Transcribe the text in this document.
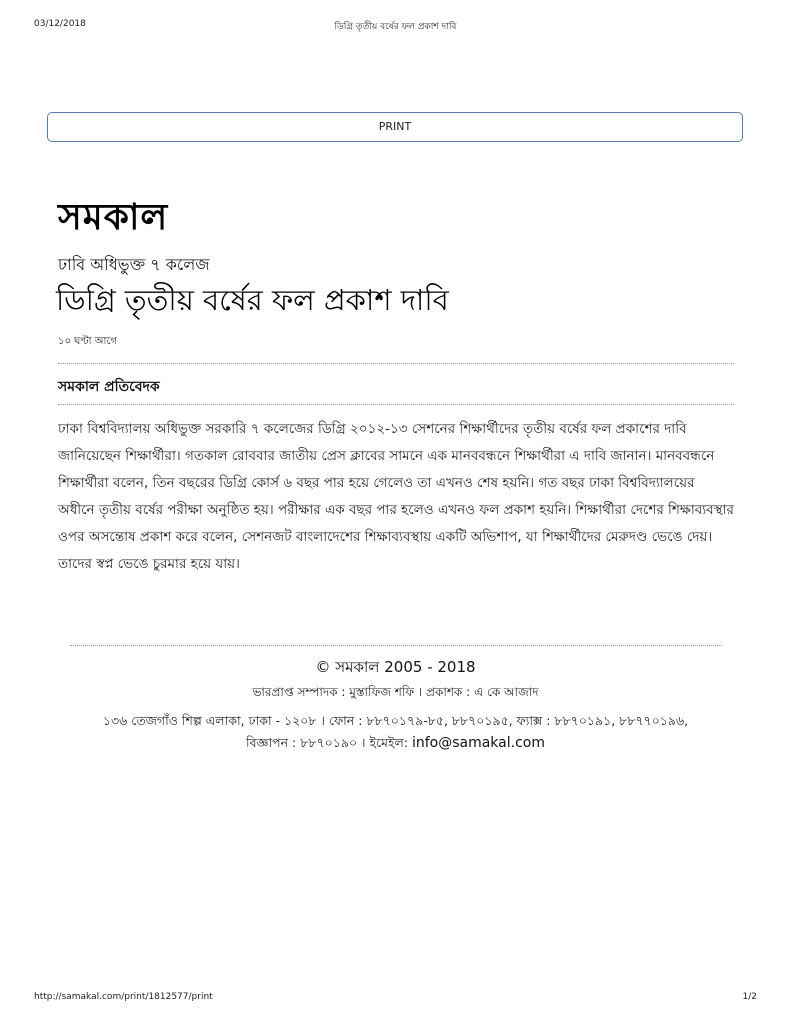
03/12/2018	ডিগ্রি তৃতীয় বর্ষের ফল প্রকাশ দাবি
PRINT
সমকাল
ঢাবি অধিভুক্ত ৭ কলেজ
ডিগ্রি তৃতীয় বর্ষের ফল প্রকাশ দাবি
১০ ঘণ্টা আগে
সমকাল প্রতিবেদক
ঢাকা বিশ্ববিদ্যালয় অধিভুক্ত সরকারি ৭ কলেজের ডিগ্রি ২০১২-১৩ সেশনের শিক্ষার্থীদের তৃতীয় বর্ষের ফল প্রকাশের দাবি জানিয়েছেন শিক্ষার্থীরা। গতকাল রোববার জাতীয় প্রেস ক্লাবের সামনে এক মানববন্ধনে শিক্ষার্থীরা এ দাবি জানান। মানববন্ধনে শিক্ষার্থীরা বলেন, তিন বছরের ডিগ্রি কোর্স ৬ বছর পার হয়ে গেলেও তা এখনও শেষ হয়নি। গত বছর ঢাকা বিশ্ববিদ্যালয়ের অধীনে তৃতীয় বর্ষের পরীক্ষা অনুষ্ঠিত হয়। পরীক্ষার এক বছর পার হলেও এখনও ফল প্রকাশ হয়নি। শিক্ষার্থীরা দেশের শিক্ষাব্যবস্থার ওপর অসন্তোষ প্রকাশ করে বলেন, সেশনজট বাংলাদেশের শিক্ষাব্যবস্থায় একটি অভিশাপ, যা শিক্ষার্থীদের মেরুদণ্ড ভেঙে দেয়। তাদের স্বপ্ন ভেঙে চুরমার হয়ে যায়।
© সমকাল 2005 - 2018
ভারপ্রাপ্ত সম্পাদক : মুস্তাফিজ শফি । প্রকাশক : এ কে আজাদ
১৩৬ তেজগাঁও শিল্প এলাকা, ঢাকা - ১২০৮ । ফোন : ৮৮৭০১৭৯-৮৫, ৮৮৭০১৯৫, ফ্যাক্স : ৮৮৭০১৯১, ৮৮৭৭০১৯৬,
বিজ্ঞাপন : ৮৮৭০১৯০ । ইমেইল: info@samakal.com
http://samakal.com/print/1812577/print	1/2
